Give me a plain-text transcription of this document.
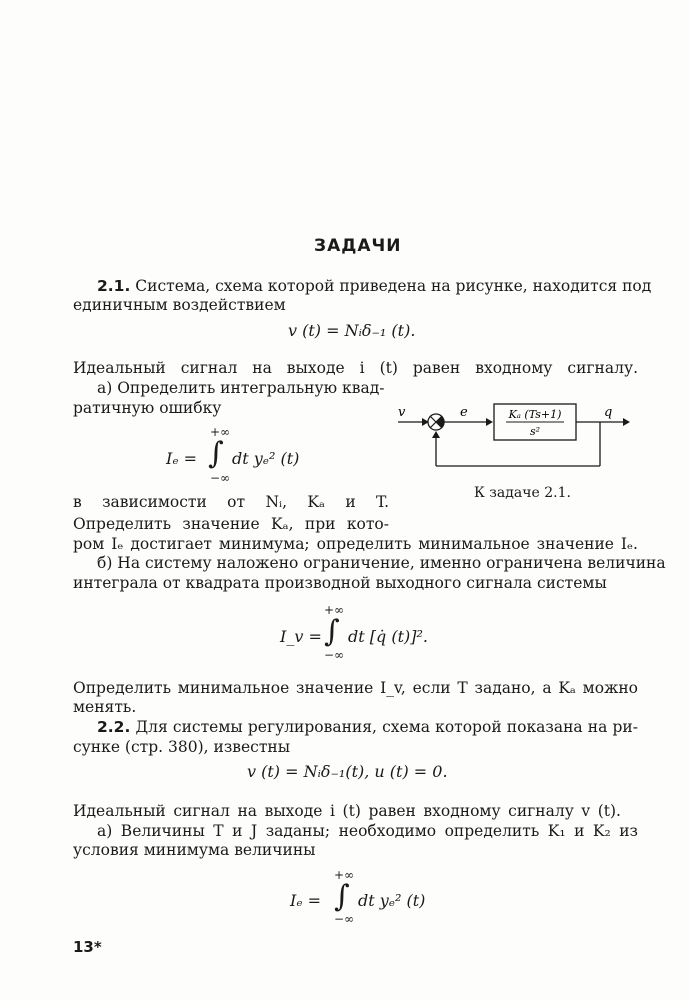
ЗАДАЧИ
2.1. Система, схема которой приведена на рисунке, находится под
единичным воздействием
v (t) = Nᵢδ₋₁ (t).
Идеальный сигнал на выходе i (t) равен входному сигналу.
а) Определить интегральную квад-
ратичную ошибку
Iₑ =
+∞
∫
−∞
dt yₑ² (t)
v	e	q
Kₐ (Ts+1)
s²
К задаче 2.1.
в зависимости от Nᵢ, Kₐ и T.
Определить значение Kₐ, при кото-
ром Iₑ достигает минимума; определить минимальное значение Iₑ.
б) На систему наложено ограничение, именно ограничена величина
интеграла от квадрата производной выходного сигнала системы
I_v =
+∞
∫
−∞
dt [q̇ (t)]².
Определить минимальное значение I_v, если T задано, а Kₐ можно
менять.
2.2. Для системы регулирования, схема которой показана на ри-
сунке (стр. 380), известны
v (t) = Nᵢδ₋₁(t), u (t) = 0.
Идеальный сигнал на выходе i (t) равен входному сигналу v (t).
а) Величины T и J заданы; необходимо определить K₁ и K₂ из
условия минимума величины
Iₑ =
+∞
∫
−∞
dt yₑ² (t)
13*
